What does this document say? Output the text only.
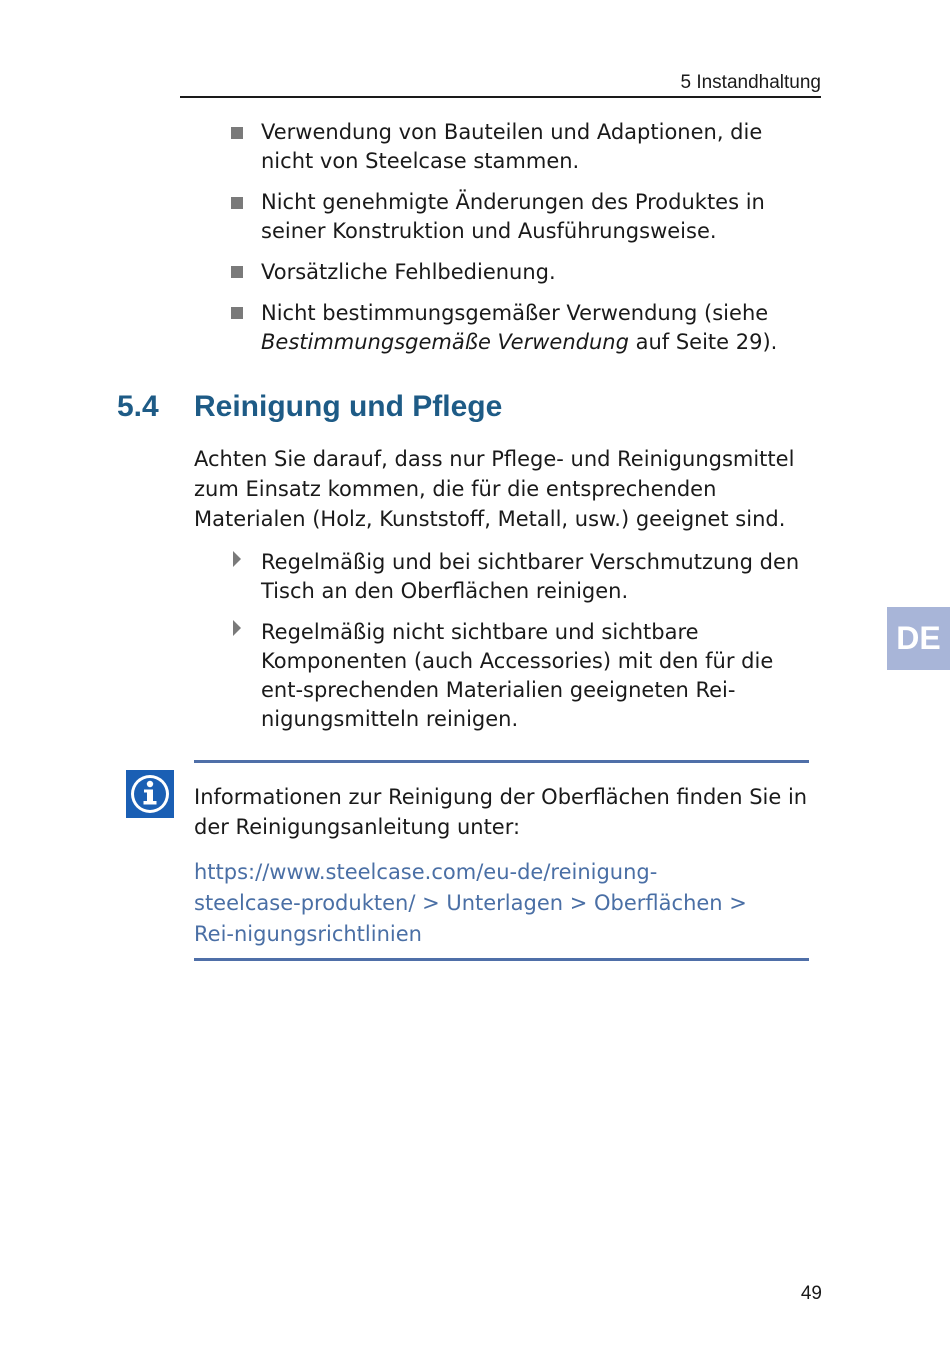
5 Instandhaltung
Verwendung von Bauteilen und Adaptionen, die nicht von Steelcase stammen.
Nicht genehmigte Änderungen des Produktes in seiner Konstruktion und Ausführungsweise.
Vorsätzliche Fehlbedienung.
Nicht bestimmungsgemäßer Verwendung (siehe Bestimmungsgemäße Verwendung auf Seite 29).
5.4 Reinigung und Pflege
Achten Sie darauf, dass nur Pflege- und Reinigungsmittel zum Einsatz kommen, die für die entsprechenden Materialen (Holz, Kunststoff, Metall, usw.) geeignet sind.
Regelmäßig und bei sichtbarer Verschmutzung den Tisch an den Oberflächen reinigen.
Regelmäßig nicht sichtbare und sichtbare Komponenten (auch Accessories) mit den für die ent-sprechenden Materialien geeigneten Rei-nigungsmitteln reinigen.
DE
Informationen zur Reinigung der Oberflächen finden Sie in der Reinigungsanleitung unter:
https://www.steelcase.com/eu-de/reinigung-steelcase-produkten/ > Unterlagen > Oberflächen > Rei-nigungsrichtlinien
49
